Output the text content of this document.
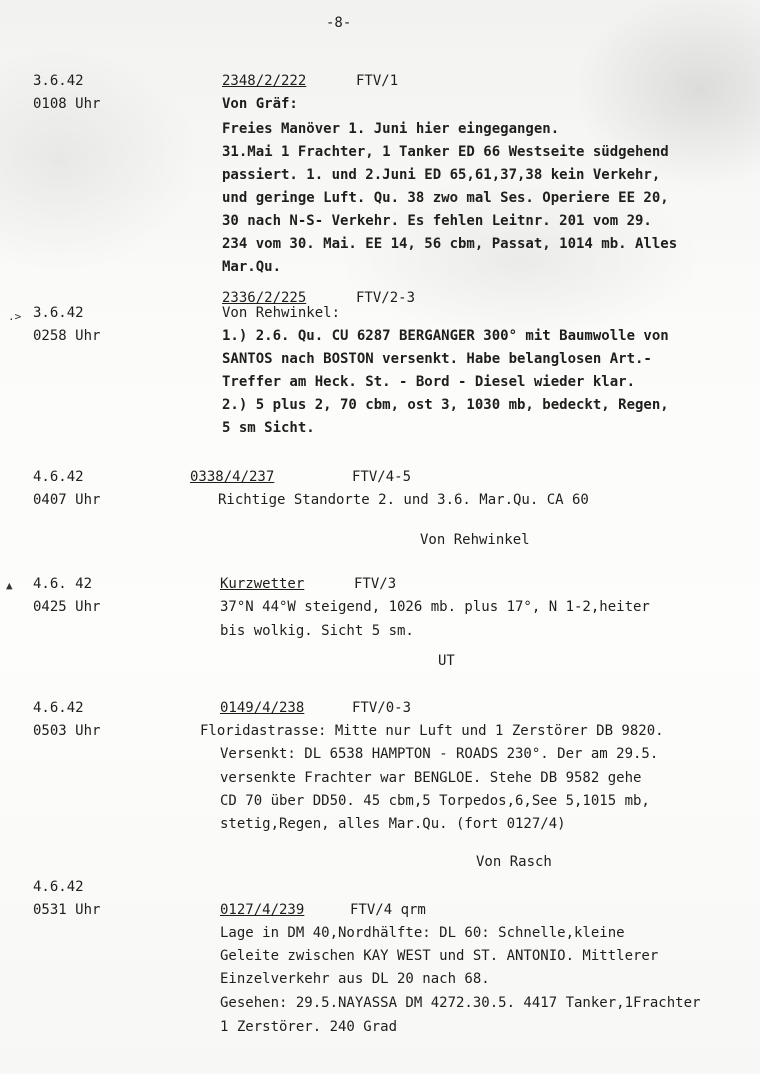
-8-
3.6.42
0108 Uhr
2348/2/222	FTV/1
Von Gräf:
Freies Manöver 1. Juni hier eingegangen.
31.Mai 1 Frachter, 1 Tanker ED 66 Westseite südgehend
passiert. 1. und 2.Juni ED 65,61,37,38 kein Verkehr,
und geringe Luft. Qu. 38 zwo mal Ses. Operiere EE 20,
30 nach N-S- Verkehr. Es fehlen Leitnr. 201 vom 29.
234 vom 30. Mai. EE 14, 56 cbm, Passat, 1014 mb. Alles
Mar.Qu.
.> 3.6.42
0258 Uhr
2336/2/225	FTV/2-3
Von Rehwinkel:
1.) 2.6. Qu. CU 6287 BERGANGER 300° mit Baumwolle von
SANTOS nach BOSTON versenkt. Habe belanglosen Art.-
Treffer am Heck. St. - Bord - Diesel wieder klar.
2.) 5 plus 2, 70 cbm, ost 3, 1030 mb, bedeckt, Regen,
5 sm Sicht.
4.6.42
0407 Uhr
0338/4/237	FTV/4-5
Richtige Standorte 2. und 3.6. Mar.Qu. CA 60
Von Rehwinkel
▲ 4.6. 42
0425 Uhr
Kurzwetter	FTV/3
37°N 44°W steigend, 1026 mb. plus 17°, N 1-2,heiter
bis wolkig. Sicht 5 sm.
UT
4.6.42
0503 Uhr
0149/4/238	FTV/0-3
Floridastrasse: Mitte nur Luft und 1 Zerstörer DB 9820.
Versenkt: DL 6538 HAMPTON - ROADS 230°. Der am 29.5.
versenkte Frachter war BENGLOE. Stehe DB 9582 gehe
CD 70 über DD50. 45 cbm,5 Torpedos,6,See 5,1015 mb,
stetig,Regen, alles Mar.Qu. (fort 0127/4)
Von Rasch
4.6.42
0531 Uhr	0127/4/239	FTV/4 qrm
Lage in DM 40,Nordhälfte: DL 60: Schnelle,kleine
Geleite zwischen KAY WEST und ST. ANTONIO. Mittlerer
Einzelverkehr aus DL 20 nach 68.
Gesehen: 29.5.NAYASSA DM 4272.30.5. 4417 Tanker,1Frachter
1 Zerstörer. 240 Grad
